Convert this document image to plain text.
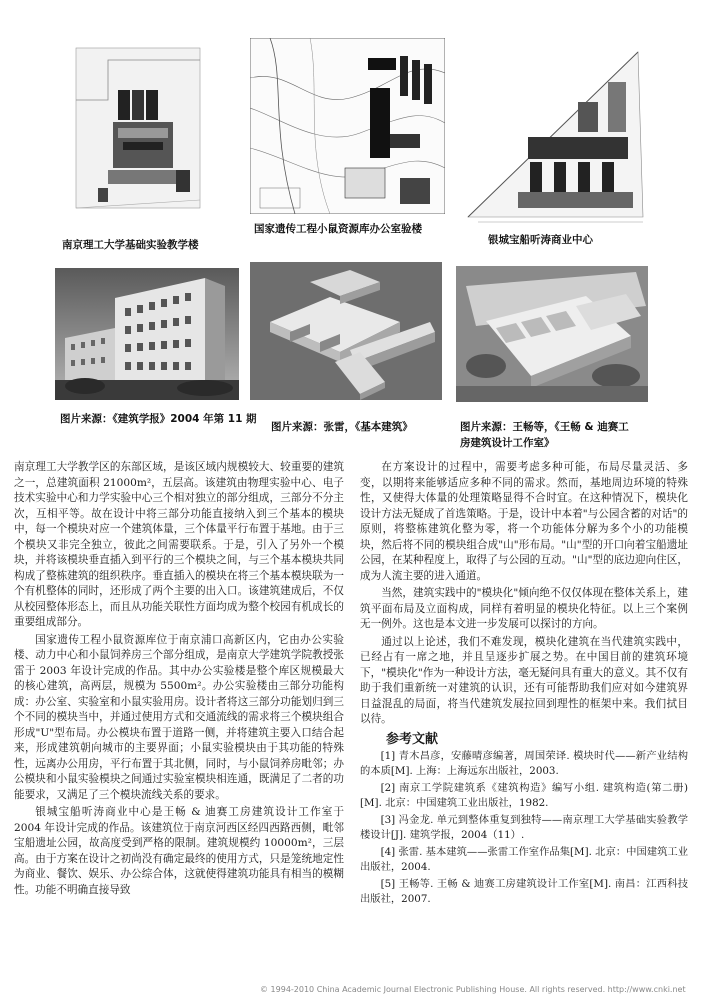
南京理工大学基础实验教学楼
国家遗传工程小鼠资源库办公室验楼
银城宝船听涛商业中心
图片来源：《建筑学报》2004 年第 11 期
图片来源：张雷，《基本建筑》	图片来源：王畅等，《王畅 & 迪赛工
房建筑设计工作室》

南京理工大学教学区的东部区域，是该区域内规模较大、较重要的建筑之一，总建筑面积 21000m²，五层高。该建筑由物理实验中心、电子技术实验中心和力学实验中心三个相对独立的部分组成，三部分不分主次，互相平等。故在设计中将三部分功能直接纳入到三个基本的模块中，每一个模块对应一个建筑体量，三个体量平行布置于基地。由于三个模块又非完全独立，彼此之间需要联系。于是，引入了另外一个模块，并将该模块垂直插入到平行的三个模块之间，与三个基本模块共同构成了整栋建筑的组织秩序。垂直插入的模块在将三个基本模块联为一个有机整体的同时，还形成了两个主要的出入口。该建筑建成后，不仅从校园整体形态上，而且从功能关联性方面均成为整个校园有机成长的重要组成部分。

国家遗传工程小鼠资源库位于南京浦口高新区内，它由办公实验楼、动力中心和小鼠饲养房三个部分组成，是南京大学建筑学院教授张雷于 2003 年设计完成的作品。其中办公实验楼是整个库区规模最大的核心建筑，高两层，规模为 5500m²。办公实验楼由三部分功能构成：办公室、实验室和小鼠实验用房。设计者将这三部分功能划归到三个不同的模块当中，并通过使用方式和交通流线的需求将三个模块组合形成"U"型布局。办公模块布置于道路一侧，并将建筑主要入口结合起来，形成建筑朝向城市的主要界面；小鼠实验模块由于其功能的特殊性，远离办公用房，平行布置于其北侧，同时，与小鼠饲养房毗邻；办公模块和小鼠实验模块之间通过实验室模块相连通，既满足了二者的功能要求，又满足了三个模块流线关系的要求。

银城宝船听涛商业中心是王畅 & 迪赛工房建筑设计工作室于 2004 年设计完成的作品。该建筑位于南京河西区经四西路西侧，毗邻宝船遗址公园，故高度受到严格的限制。建筑规模约 10000m²，三层高。由于方案在设计之初尚没有确定最终的使用方式，只是笼统地定性为商业、餐饮、娱乐、办公综合体，这就使得建筑功能具有相当的模糊性。功能不明确直接导致

在方案设计的过程中，需要考虑多种可能，布局尽量灵活、多变，以期将来能够适应多种不同的需求。然而，基地周边环境的特殊性，又使得大体量的处理策略显得不合时宜。在这种情况下，模块化设计方法无疑成了首选策略。于是，设计中本着"与公园含蓄的对话"的原则，将整栋建筑化整为零，将一个功能体分解为多个小的功能模块，然后将不同的模块组合成"山"形布局。"山"型的开口向着宝船遗址公园，在某种程度上，取得了与公园的互动。"山"型的底边迎向住区，成为人流主要的进入通道。

当然，建筑实践中的"模块化"倾向绝不仅仅体现在整体关系上，建筑平面布局及立面构成，同样有着明显的模块化特征。以上三个案例无一例外。这也是本文进一步发展可以探讨的方向。

通过以上论述，我们不难发现，模块化建筑在当代建筑实践中，已经占有一席之地，并且呈逐步扩展之势。在中国目前的建筑环境下，"模块化"作为一种设计方法，毫无疑问具有重大的意义。其不仅有助于我们重新统一对建筑的认识，还有可能帮助我们应对如今建筑界日益混乱的局面，将当代建筑发展拉回到理性的框架中来。我们拭目以待。

参考文献

[1] 青木昌彦，安藤晴彦编著，周国荣译. 模块时代——新产业结构的本质[M]. 上海：上海远东出版社，2003.

[2] 南京工学院建筑系《建筑构造》编写小组. 建筑构造(第二册)[M]. 北京：中国建筑工业出版社，1982.

[3] 冯金龙. 单元到整体重复到独特——南京理工大学基础实验教学楼设计[J]. 建筑学报，2004（11）.

[4] 张雷. 基本建筑——张雷工作室作品集[M]. 北京：中国建筑工业出版社，2004.

[5] 王畅等. 王畅 & 迪赛工房建筑设计工作室[M]. 南昌：江西科技出版社，2007.

© 1994-2010 China Academic Journal Electronic Publishing House. All rights reserved. http://www.cnki.net
